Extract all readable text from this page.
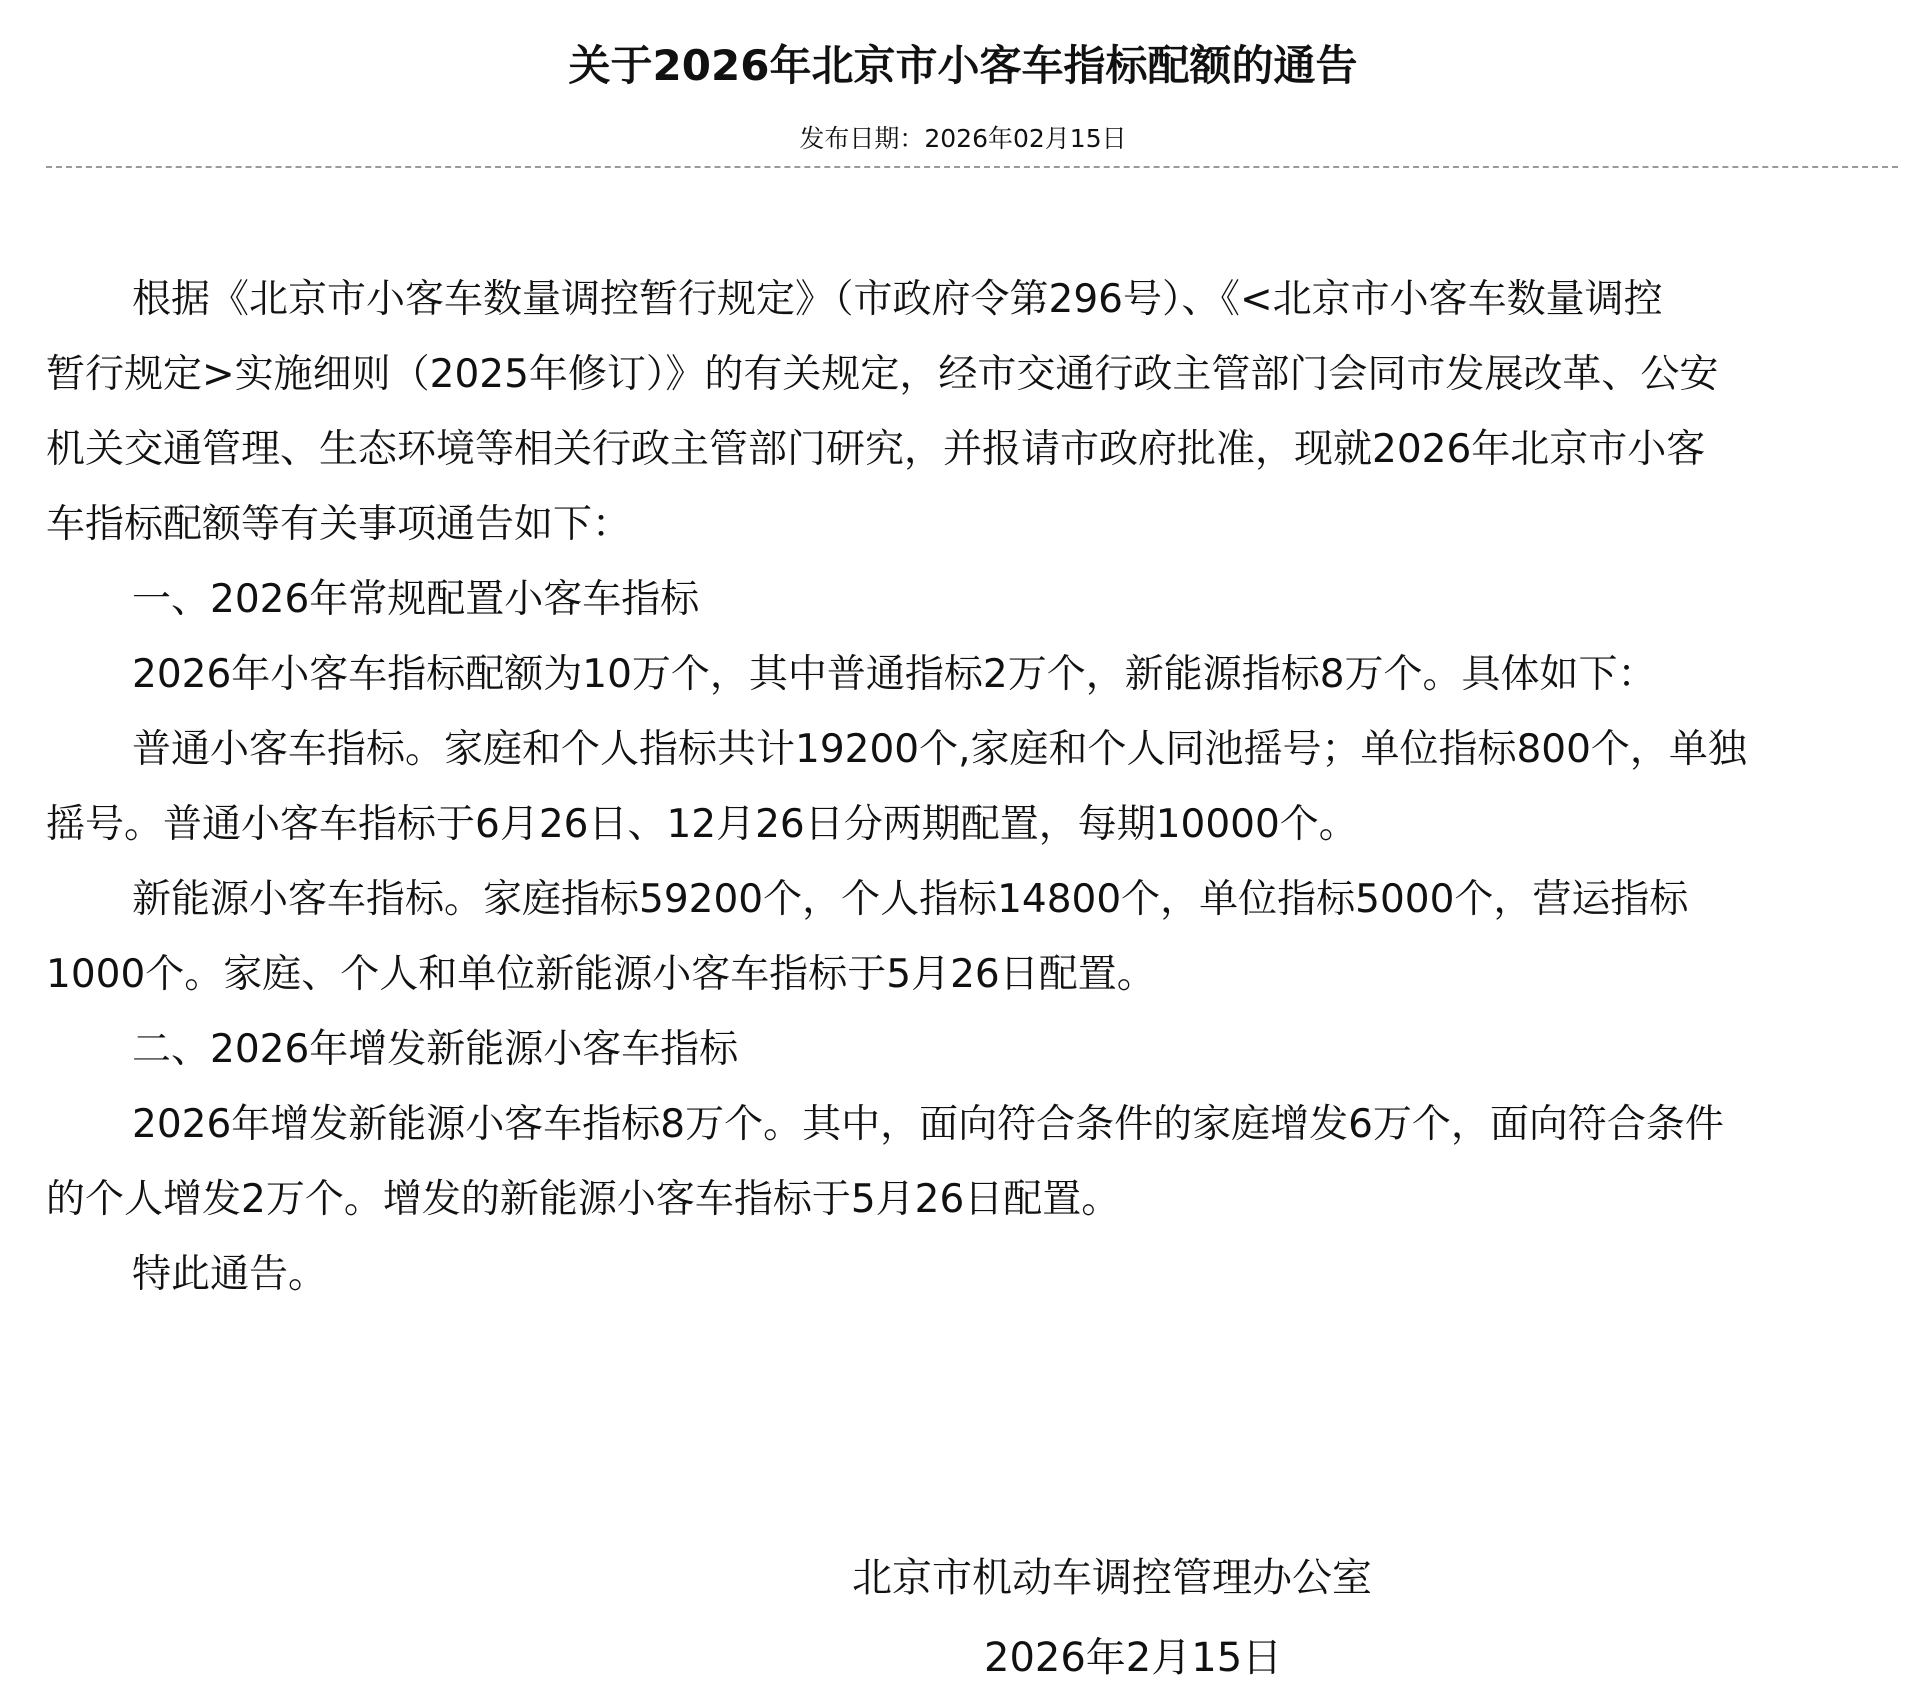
关于2026年北京市小客车指标配额的通告
发布日期：2026年02月15日
根据《北京市小客车数量调控暂行规定》（市政府令第296号）、《<北京市小客车数量调控
暂行规定>实施细则（2025年修订）》的有关规定，经市交通行政主管部门会同市发展改革、公安
机关交通管理、生态环境等相关行政主管部门研究，并报请市政府批准，现就2026年北京市小客
车指标配额等有关事项通告如下：
一、2026年常规配置小客车指标
2026年小客车指标配额为10万个，其中普通指标2万个，新能源指标8万个。具体如下：
普通小客车指标。家庭和个人指标共计19200个,家庭和个人同池摇号；单位指标800个，单独
摇号。普通小客车指标于6月26日、12月26日分两期配置，每期10000个。
新能源小客车指标。家庭指标59200个，个人指标14800个，单位指标5000个，营运指标
1000个。家庭、个人和单位新能源小客车指标于5月26日配置。
二、2026年增发新能源小客车指标
2026年增发新能源小客车指标8万个。其中，面向符合条件的家庭增发6万个，面向符合条件
的个人增发2万个。增发的新能源小客车指标于5月26日配置。
特此通告。
北京市机动车调控管理办公室
2026年2月15日
